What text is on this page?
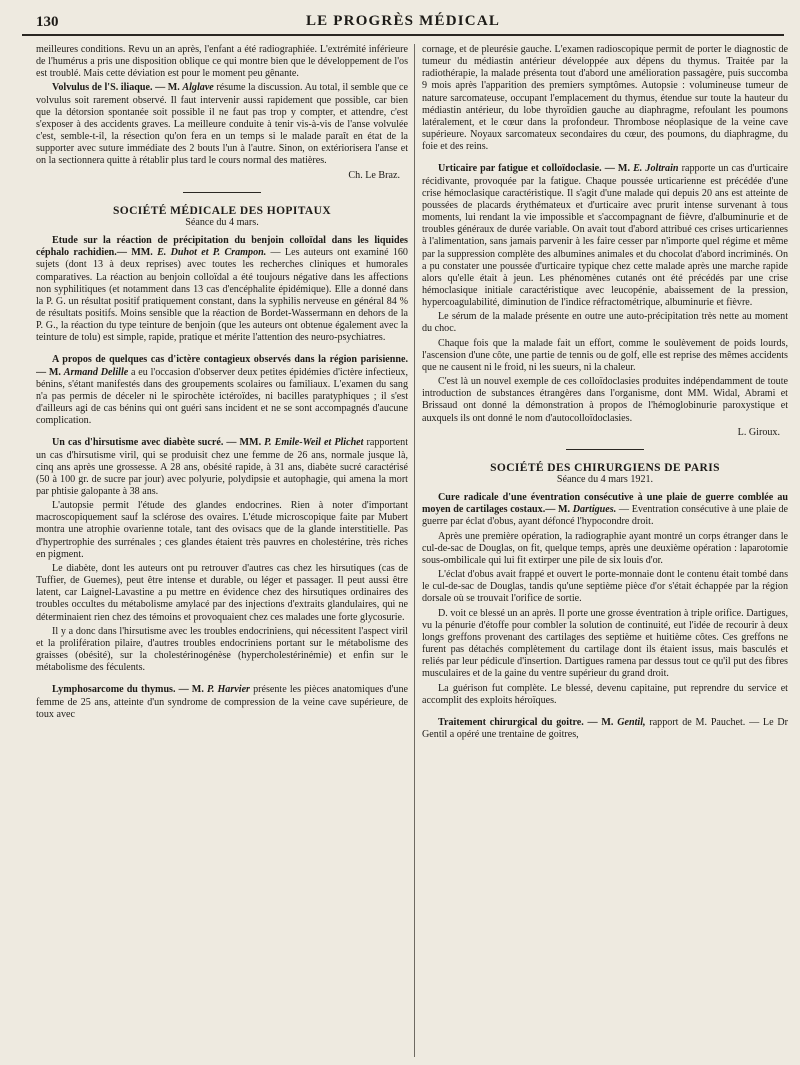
130	LE PROGRÈS MÉDICAL

meilleures conditions. Revu un an après, l'enfant a été radiographiée. L'extrémité inférieure de l'humérus a pris une disposition oblique ce qui montre bien que le développement de l'os est troublé. Mais cette déviation est pour le moment peu gênante.

Volvulus de l'S. iliaque. — M. Alglave résume la discussion. Au total, il semble que ce volvulus soit rarement observé. Il faut intervenir aussi rapidement que possible, car bien que la détorsion spontanée soit possible il ne faut pas trop y compter, et attendre, c'est s'exposer à des accidents graves. La meilleure conduite à tenir vis-à-vis de l'anse volvulée c'est, semble-t-il, la résection qu'on fera en un temps si le malade paraît en état de la supporter avec suture immédiate des 2 bouts l'un à l'autre. Sinon, on extériorisera l'anse et on la sectionnera quitte à rétablir plus tard le cours normal des matières.

Ch. Le Braz.

SOCIÉTÉ MÉDICALE DES HOPITAUX

Séance du 4 mars.

Etude sur la réaction de précipitation du benjoin colloïdal dans les liquides céphalo rachidien.— MM. E. Duhot et P. Crampon. — Les auteurs ont examiné 160 sujets (dont 13 à deux reprises) avec toutes les recherches cliniques et humorales comparatives. La réaction au benjoin colloïdal a été toujours négative dans les affections non syphilitiques (et notamment dans 13 cas d'encéphalite épidémique). Elle a donné dans la P. G. un résultat positif pratiquement constant, dans la syphilis nerveuse en général 84 % de résultats positifs. Moins sensible que la réaction de Bordet-Wassermann en dehors de la P. G., la réaction du type teinture de benjoin (que les auteurs ont obtenue également avec la teinture de tolu) est simple, rapide, pratique et mérite l'attention des neuro-psychiatres.

A propos de quelques cas d'ictère contagieux observés dans la région parisienne. — M. Armand Delille a eu l'occasion d'observer deux petites épidémies d'ictère infectieux, bénins, s'étant manifestés dans des groupements scolaires ou familiaux. L'examen du sang n'a pas permis de déceler ni le spirochète ictéroïdes, ni bacilles paratyphiques ; il s'est d'ailleurs agi de cas bénins qui ont guéri sans incident et ne se sont accompagnés d'aucune complication.

Un cas d'hirsutisme avec diabète sucré. — MM. P. Emile-Weil et Plichet rapportent un cas d'hirsutisme viril, qui se produisit chez une femme de 26 ans, normale jusque là, cinq ans après une grossesse. A 28 ans, obésité rapide, à 31 ans, diabète sucré caractérisé (50 à 100 gr. de sucre par jour) avec polyurie, polydipsie et autophagie, qui amena la mort par phtisie galopante à 38 ans.

L'autopsie permit l'étude des glandes endocrines. Rien à noter d'important macroscopiquement sauf la sclérose des ovaires. L'étude microscopique faite par Mubert montra une atrophie ovarienne totale, tant des ovisacs que de la glande interstitielle. Pas d'hypertrophie des surrénales ; ces glandes étaient très pauvres en cholestérine, très riches en pigment.

Le diabète, dont les auteurs ont pu retrouver d'autres cas chez les hirsutiques (cas de Tuffier, de Guemes), peut être intense et durable, ou léger et passager. Il peut aussi être latent, car Laignel-Lavastine a pu mettre en évidence chez des hirsutiques ordinaires des troubles occultes du métabolisme amylacé par des injections d'extraits glandulaires, qui ne déterminaient rien chez des témoins et provoquaient chez ces malades une forte glycosurie.

Il y a donc dans l'hirsutisme avec les troubles endocriniens, qui nécessitent l'aspect viril et la prolifération pilaire, d'autres troubles endocriniens portant sur le métabolisme des graisses (obésité), sur la cholestérinogénèse (hypercholestérinémie) et enfin sur le métabolisme des féculents.

Lymphosarcome du thymus. — M. P. Harvier présente les pièces anatomiques d'une femme de 25 ans, atteinte d'un syndrome de compression de la veine cave supérieure, de toux avec

cornage, et de pleurésie gauche. L'examen radioscopique permit de porter le diagnostic de tumeur du médiastin antérieur développée aux dépens du thymus. Traitée par la radiothérapie, la malade présenta tout d'abord une amélioration passagère, puis succomba 9 mois après l'apparition des premiers symptômes. Autopsie : volumineuse tumeur de nature sarcomateuse, occupant l'emplacement du thymus, étendue sur toute la hauteur du médiastin antérieur, du lobe thyroïdien gauche au diaphragme, refoulant les poumons latéralement, et le cœur dans la profondeur. Thrombose néoplasique de la veine cave supérieure. Noyaux sarcomateux secondaires du cœur, des poumons, du diaphragme, du foie et des reins.

Urticaire par fatigue et colloïdoclasie. — M. E. Joltrain rapporte un cas d'urticaire récidivante, provoquée par la fatigue. Chaque poussée urticarienne est précédée d'une crise hémoclasique caractéristique. Il s'agit d'une malade qui depuis 20 ans est atteinte de poussées de placards érythémateux et d'urticaire avec prurit intense survenant à tous moments, lui rendant la vie impossible et s'accompagnant de fièvre, d'albuminurie et de troubles généraux de durée variable. On avait tout d'abord attribué ces crises urticariennes à l'alimentation, sans jamais parvenir à les faire cesser par n'importe quel régime et même par la suppression complète des albumines animales et du chocolat d'abord incriminés. On a pu constater une poussée d'urticaire typique chez cette malade après une marche rapide alors qu'elle était à jeun. Les phénomènes cutanés ont été précédés par une crise hémoclasique initiale caractéristique avec leucopénie, abaissement de la pression, hypercoagulabilité, diminution de l'indice réfractométrique, albuminurie et fièvre.

Le sérum de la malade présente en outre une auto-précipitation très nette au moment du choc.

Chaque fois que la malade fait un effort, comme le soulèvement de poids lourds, l'ascension d'une côte, une partie de tennis ou de golf, elle est reprise des mêmes accidents que ne causent ni le froid, ni les sueurs, ni la chaleur.

C'est là un nouvel exemple de ces colloïdoclasies produites indépendamment de toute introduction de substances étrangères dans l'organisme, dont MM. Widal, Abrami et Brissaud ont donné la démonstration à propos de l'hémoglobinurie paroxystique et auxquels ils ont donné le nom d'autocolloïdoclasies.

L. Giroux.

SOCIÉTÉ DES CHIRURGIENS DE PARIS

Séance du 4 mars 1921.

Cure radicale d'une éventration consécutive à une plaie de guerre comblée au moyen de cartilages costaux.— M. Dartigues. — Eventration consécutive à une plaie de guerre par éclat d'obus, ayant défoncé l'hypocondre droit.

Après une première opération, la radiographie ayant montré un corps étranger dans le cul-de-sac de Douglas, on fit, quelque temps, après une deuxième opération : laparotomie sous-ombilicale qui lui fit extirper une pile de six louis d'or.

L'éclat d'obus avait frappé et ouvert le porte-monnaie dont le contenu était tombé dans le cul-de-sac de Douglas, tandis qu'une septième pièce d'or s'était échappée par la région dorsale où se trouvait l'orifice de sortie.

D. voit ce blessé un an après. Il porte une grosse éventration à triple orifice. Dartigues, vu la pénurie d'étoffe pour combler la solution de continuité, eut l'idée de recourir à deux longs greffons provenant des cartilages des septième et huitième côtes. Ces greffons ne furent pas détachés complètement du cartilage dont ils étaient issus, mais basculés et reliés par leur pédicule d'insertion. Dartigues ramena par dessus tout ce qu'il put des fibres musculaires et de la gaine du ventre supérieur du grand droit.

La guérison fut complète. Le blessé, devenu capitaine, put reprendre du service et accomplit des exploits héroïques.

Traitement chirurgical du goitre. — M. Gentil, rapport de M. Pauchet. — Le Dr Gentil a opéré une trentaine de goitres,
